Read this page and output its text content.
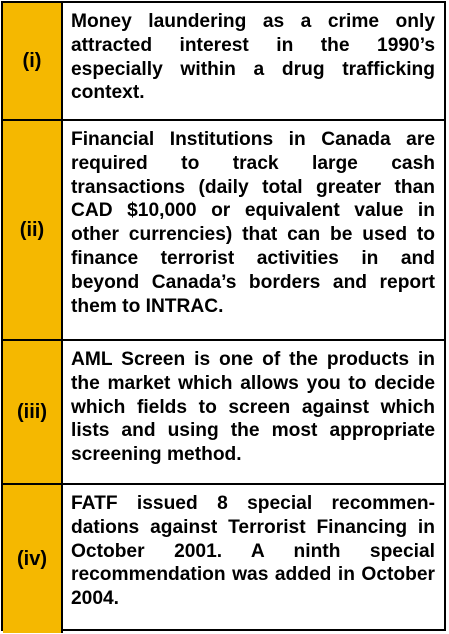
(i)
Money laundering as a crime only attracted interest in the 1990’s especially within a drug trafficking context.
(ii)
Financial Institutions in Canada are required to track large cash transactions (daily total greater than CAD $10,000 or equivalent value in other currencies) that can be used to finance terrorist activities in and beyond Canada’s borders and report them to INTRAC.
(iii)
AML Screen is one of the products in the market which allows you to decide which fields to screen against which lists and using the most appropriate screening method.
(iv)
FATF issued 8 special recommen-dations against Terrorist Financing in October 2001. A ninth special recommendation was added in October 2004.
